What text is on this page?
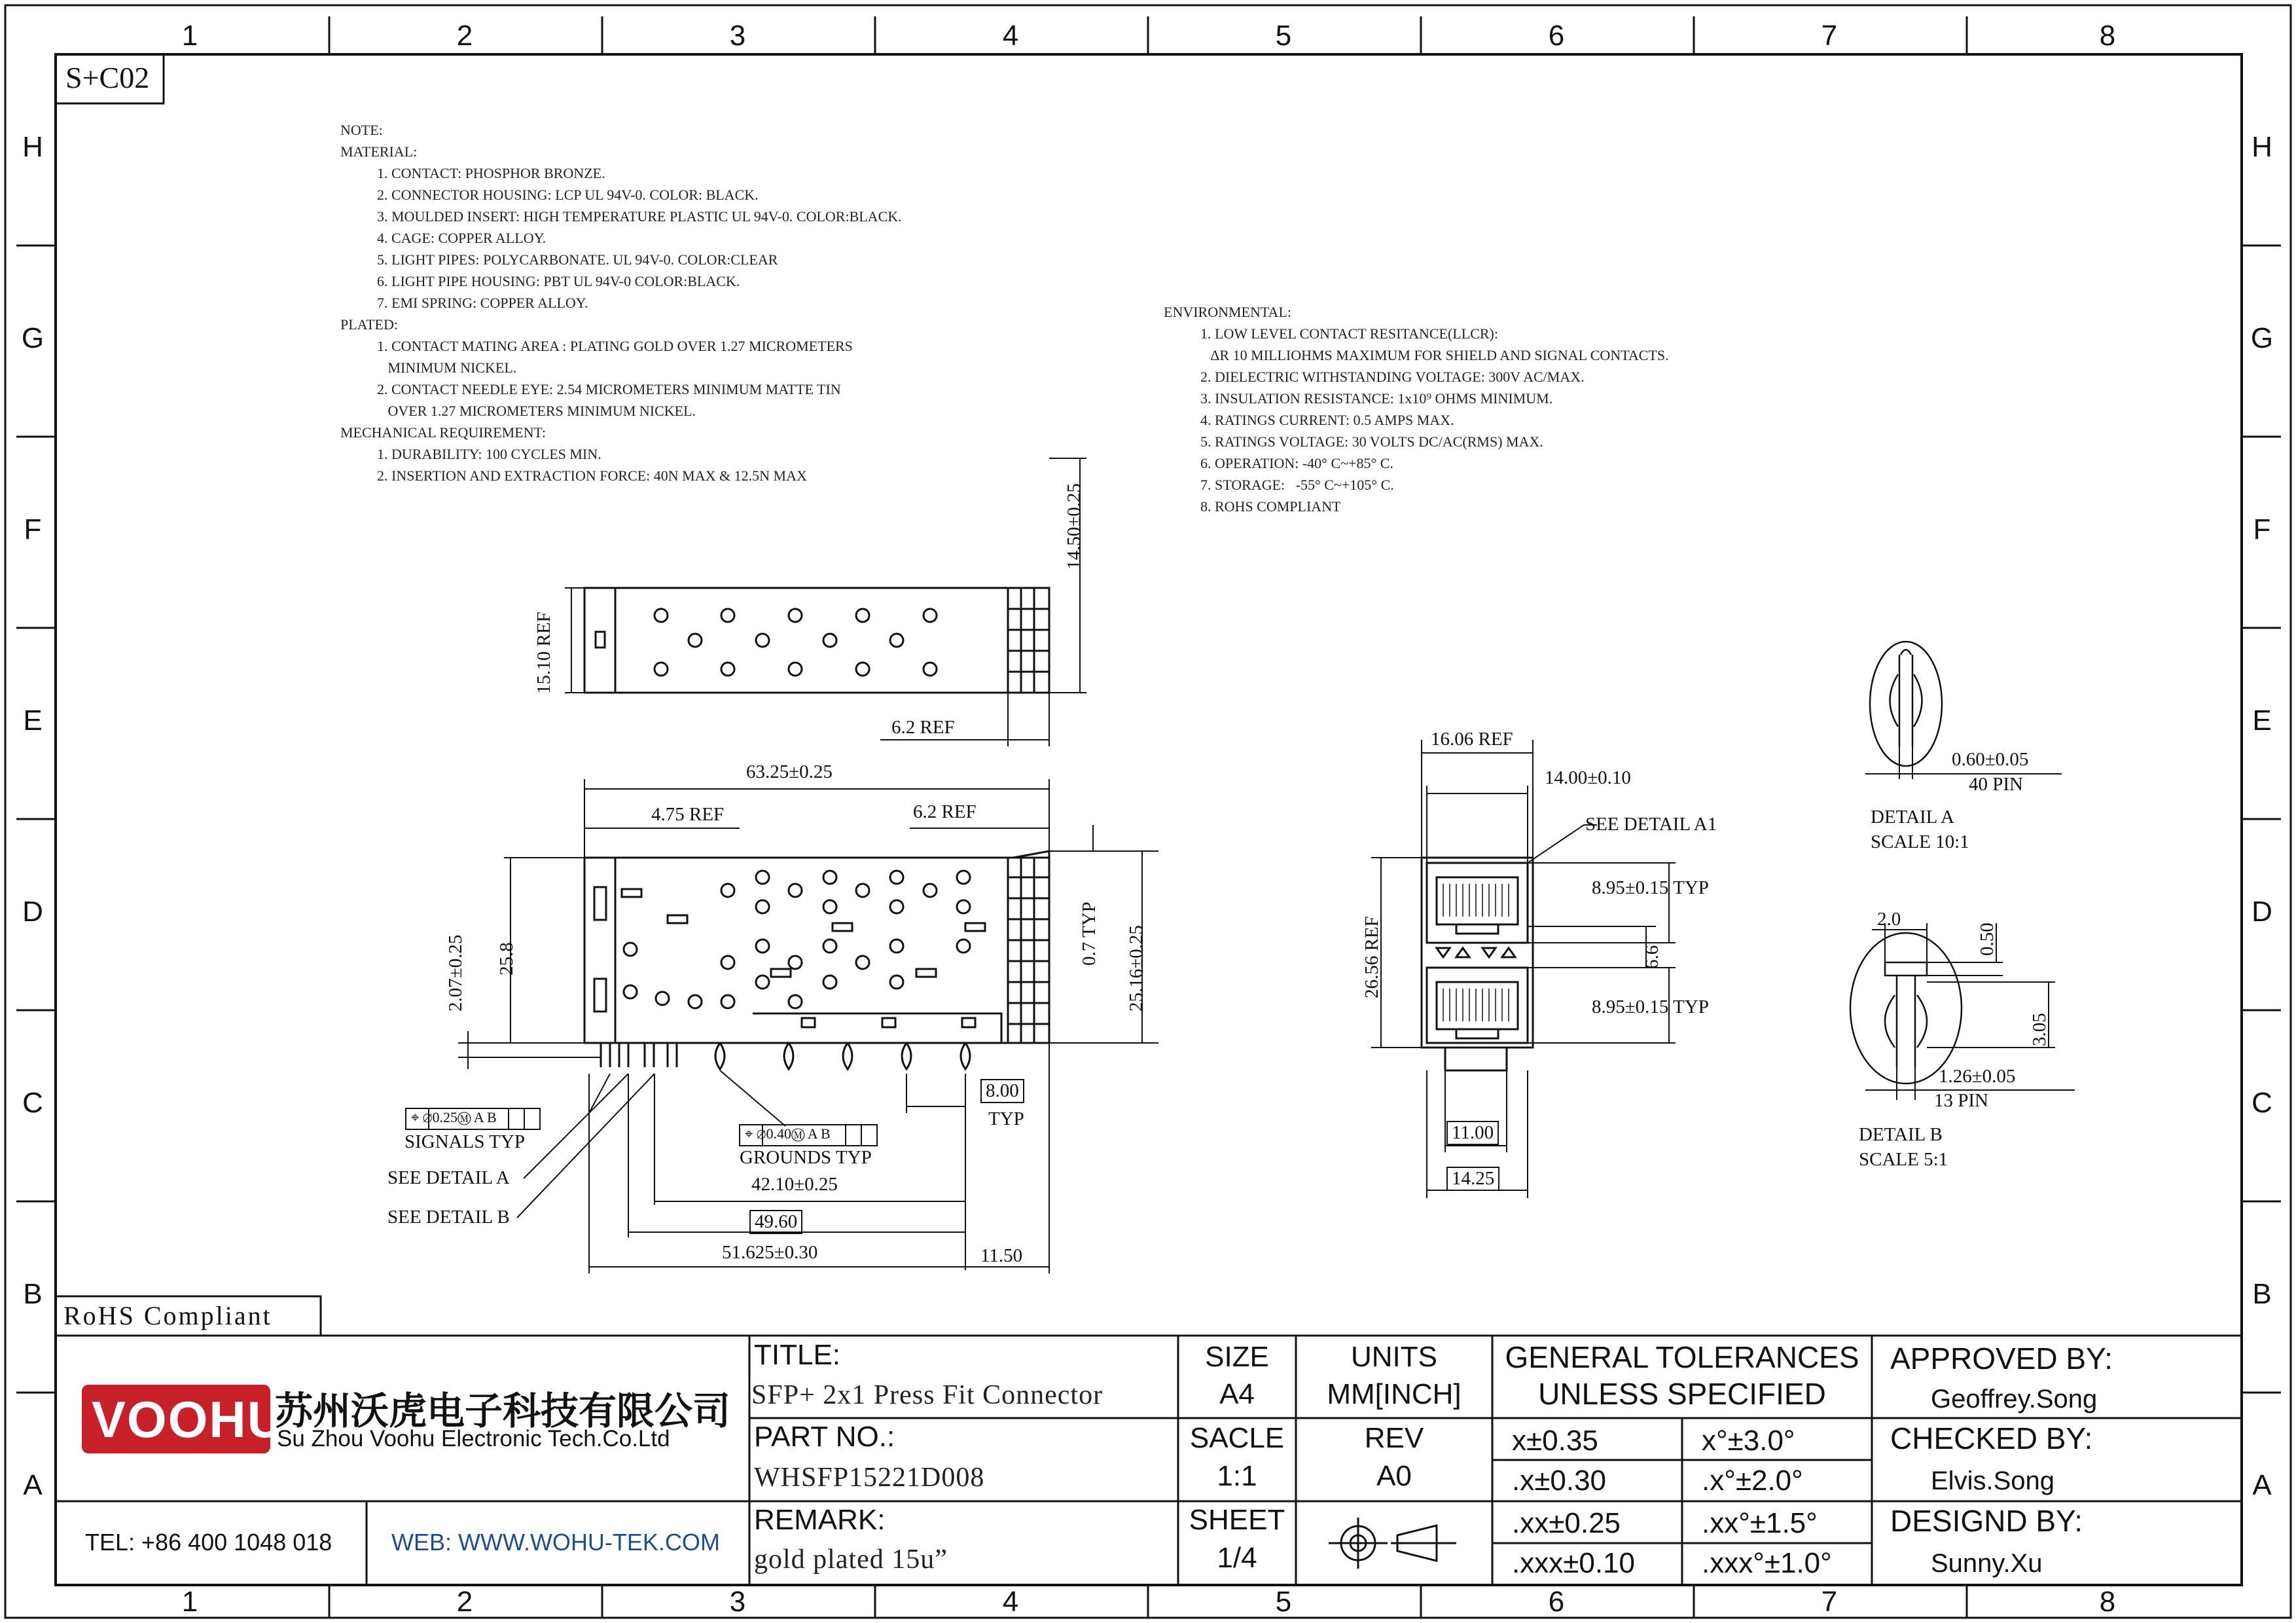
1	2	3	4	5	6	7	8
1	2	3	4	5	6	7	8
H
G
F
E
D
C
B
A
H
G
F
E
D
C
B
A
S+C02
RoHS Compliant
NOTE:
MATERIAL:
1. CONTACT: PHOSPHOR BRONZE.
2. CONNECTOR HOUSING: LCP UL 94V-0. COLOR: BLACK.
3. MOULDED INSERT: HIGH TEMPERATURE PLASTIC UL 94V-0. COLOR:BLACK.
4. CAGE: COPPER ALLOY.
5. LIGHT PIPES: POLYCARBONATE. UL 94V-0. COLOR:CLEAR
6. LIGHT PIPE HOUSING: PBT UL 94V-0 COLOR:BLACK.
7. EMI SPRING: COPPER ALLOY.
PLATED:
1. CONTACT MATING AREA : PLATING GOLD OVER 1.27 MICROMETERS
MINIMUM NICKEL.
2. CONTACT NEEDLE EYE: 2.54 MICROMETERS MINIMUM MATTE TIN
OVER 1.27 MICROMETERS MINIMUM NICKEL.
MECHANICAL REQUIREMENT:
1. DURABILITY: 100 CYCLES MIN.
2. INSERTION AND EXTRACTION FORCE: 40N MAX & 12.5N MAX
ENVIRONMENTAL:
1. LOW LEVEL CONTACT RESITANCE(LLCR):
ΔR 10 MILLIOHMS MAXIMUM FOR SHIELD AND SIGNAL CONTACTS.
2. DIELECTRIC WITHSTANDING VOLTAGE: 300V AC/MAX.
3. INSULATION RESISTANCE: 1x10⁹ OHMS MINIMUM.
4. RATINGS CURRENT: 0.5 AMPS MAX.
5. RATINGS VOLTAGE: 30 VOLTS DC/AC(RMS) MAX.
6. OPERATION: -40° C~+85° C.
7. STORAGE:   -55° C~+105° C.
8. ROHS COMPLIANT
14.50±0.25
15.10 REF
6.2 REF
63.25±0.25
4.75 REF	6.2 REF
2.07±0.25 25.8	0.7 TYP 25.16±0.25
⌖ ∅0.25Ⓜ A B
SIGNALS TYP	⌖ ∅0.40Ⓜ A B
GROUNDS TYP
SEE DETAIL A
SEE DETAIL B
8.00
TYP
42.10±0.25
49.60
51.625±0.30	11.50
16.06 REF
14.00±0.10
SEE DETAIL A1
8.95±0.15 TYP
6.6
8.95±0.15 TYP
26.56 REF
11.00
14.25
0.60±0.05
40 PIN
DETAIL A
SCALE 10:1
2.0
0.50
3.05
1.26±0.05
13 PIN
DETAIL B
SCALE 5:1
VOOHU
苏州沃虎电子科技有限公司
Su Zhou Voohu Electronic Tech.Co.Ltd
TEL: +86 400 1048 018	WEB: WWW.WOHU-TEK.COM
TITLE:
SFP+ 2x1 Press Fit Connector
PART NO.:
WHSFP15221D008
REMARK:
gold plated 15u”
SIZE
A4
UNITS
MM[INCH]
SACLE
1:1
REV
A0
SHEET
1/4
GENERAL TOLERANCES
UNLESS SPECIFIED
x±0.35	x°±3.0°
.x±0.30	.x°±2.0°
.xx±0.25	.xx°±1.5°
.xxx±0.10 .xxx°±1.0°
APPROVED BY:
Geoffrey.Song
CHECKED BY:
Elvis.Song
DESIGND BY:
Sunny.Xu
